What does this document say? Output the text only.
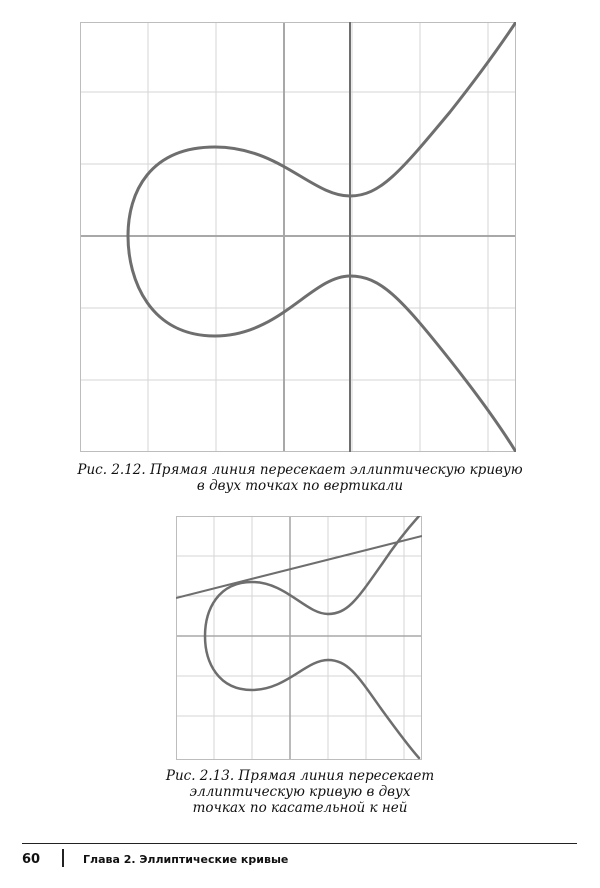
Рис. 2.12. Прямая линия пересекает эллиптическую кривую
в двух точках по вертикали
Рис. 2.13. Прямая линия пересекает
эллиптическую кривую в двух
точках по касательной к ней
60	Глава 2. Эллиптические кривые
